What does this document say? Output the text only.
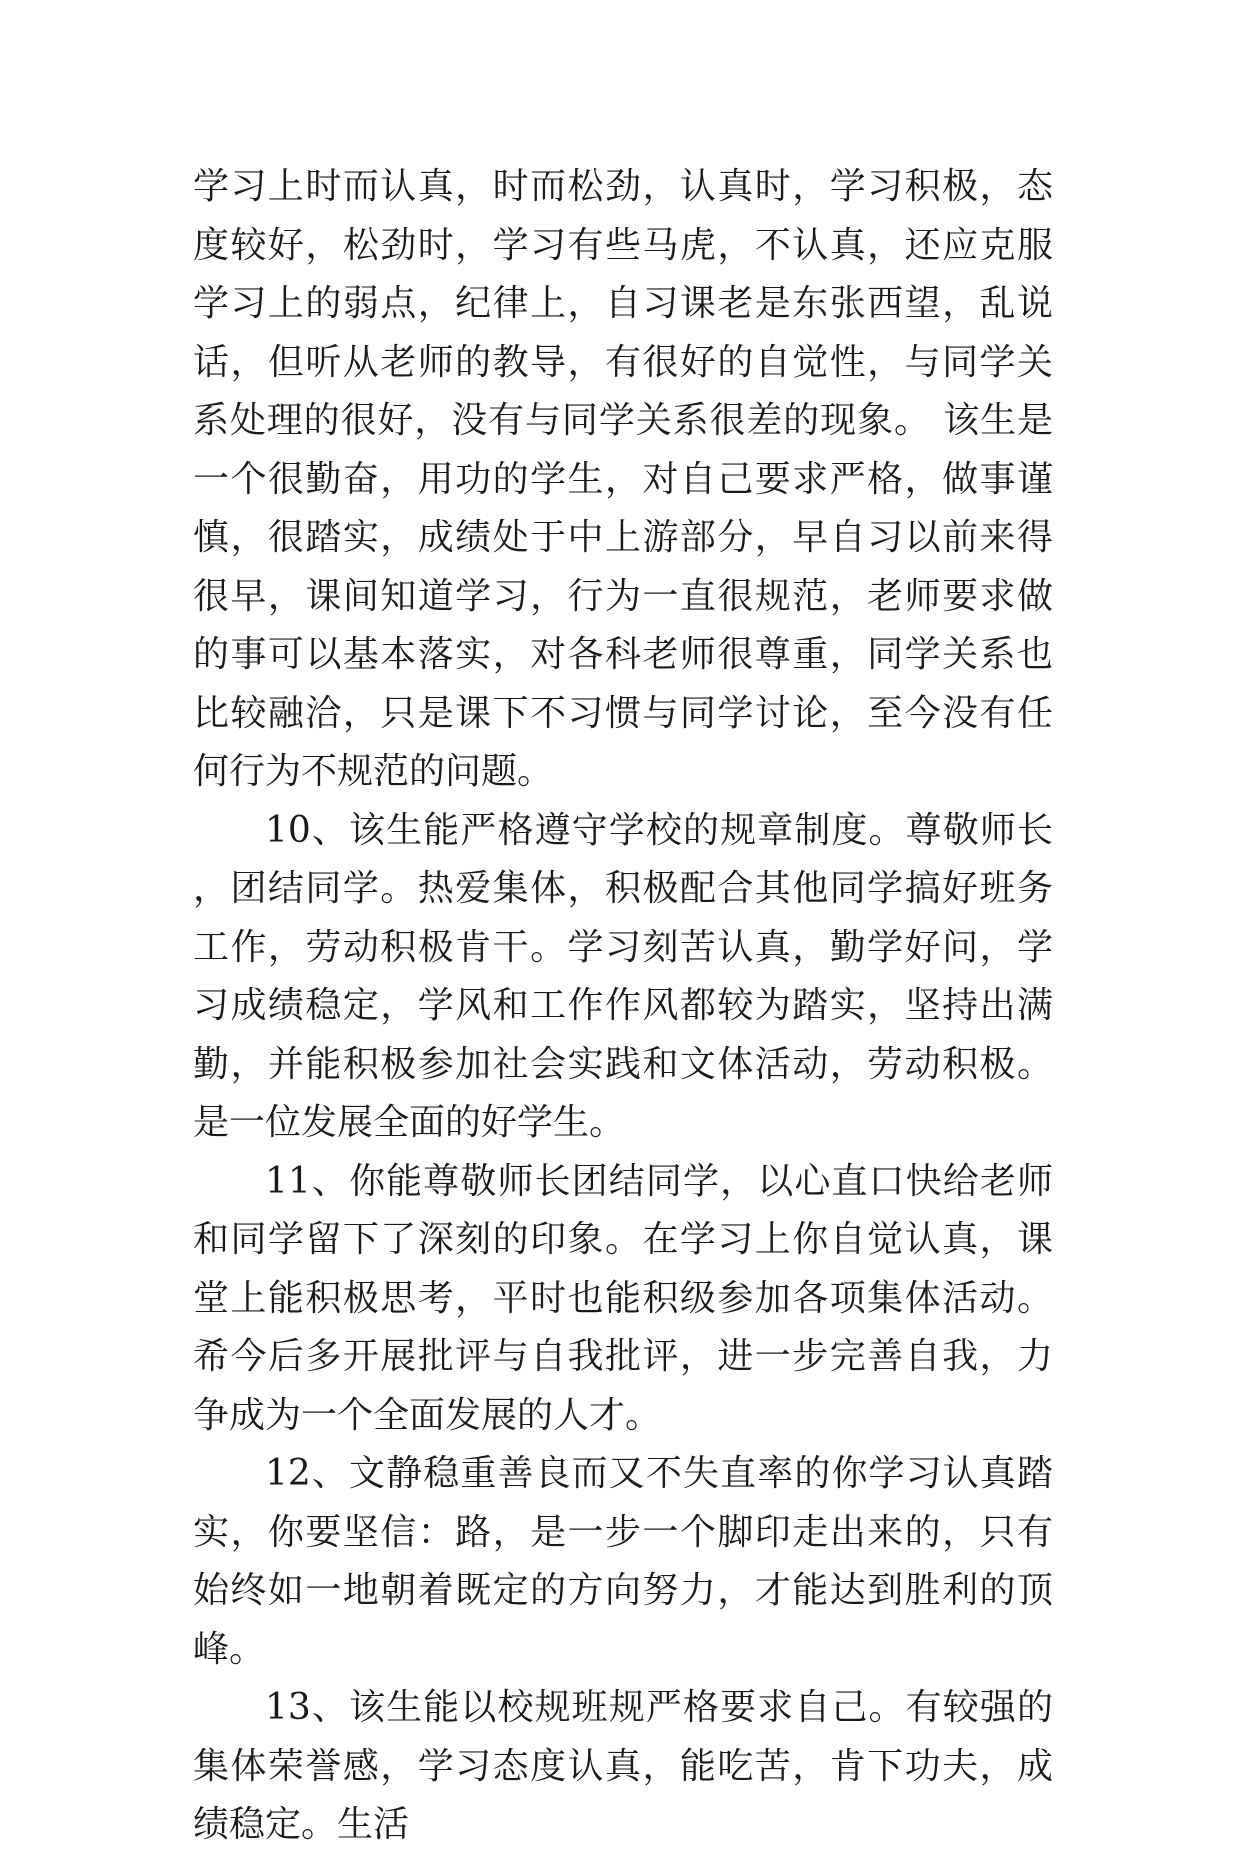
学习上时而认真，时而松劲，认真时，学习积极，态度较好，松劲时，学习有些马虎，不认真，还应克服学习上的弱点，纪律上，自习课老是东张西望，乱说话，但听从老师的教导，有很好的自觉性，与同学关系处理的很好，没有与同学关系很差的现象。 该生是一个很勤奋，用功的学生，对自己要求严格，做事谨慎，很踏实，成绩处于中上游部分，早自习以前来得很早，课间知道学习，行为一直很规范，老师要求做的事可以基本落实，对各科老师很尊重，同学关系也比较融洽，只是课下不习惯与同学讨论，至今没有任何行为不规范的问题。

10、该生能严格遵守学校的规章制度。尊敬师长，团结同学。热爱集体，积极配合其他同学搞好班务工作，劳动积极肯干。学习刻苦认真，勤学好问，学习成绩稳定，学风和工作作风都较为踏实，坚持出满勤，并能积极参加社会实践和文体活动，劳动积极。是一位发展全面的好学生。

11、你能尊敬师长团结同学，以心直口快给老师和同学留下了深刻的印象。在学习上你自觉认真，课堂上能积极思考，平时也能积级参加各项集体活动。希今后多开展批评与自我批评，进一步完善自我，力争成为一个全面发展的人才。

12、文静稳重善良而又不失直率的你学习认真踏实，你要坚信：路，是一步一个脚印走出来的，只有始终如一地朝着既定的方向努力，才能达到胜利的顶峰。

13、该生能以校规班规严格要求自己。有较强的集体荣誉感，学习态度认真，能吃苦，肯下功夫，成绩稳定。生活
